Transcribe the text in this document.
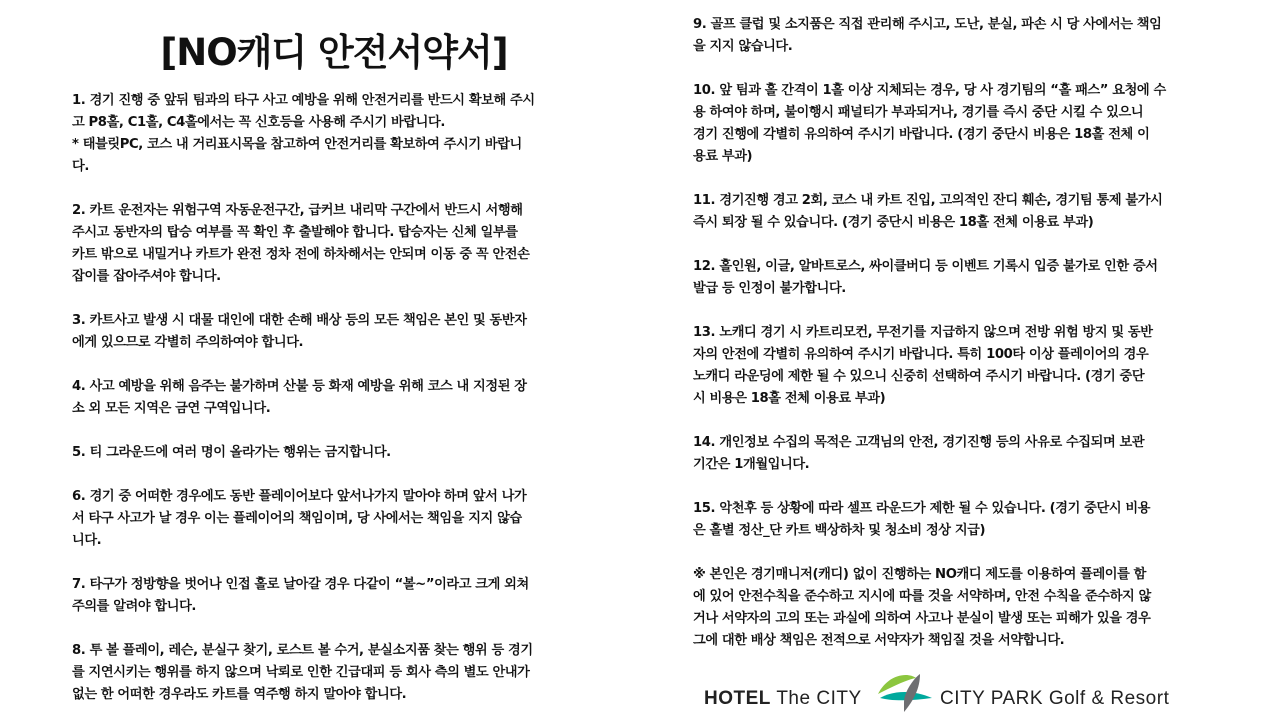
[NO캐디 안전서약서]

1. 경기 진행 중 앞뒤 팀과의 타구 사고 예방을 위해 안전거리를 반드시 확보해 주시
고 P8홀, C1홀, C4홀에서는 꼭 신호등을 사용해 주시기 바랍니다.
* 태블릿PC, 코스 내 거리표시목을 참고하여 안전거리를 확보하여 주시기 바랍니
다.

2. 카트 운전자는 위험구역 자동운전구간, 급커브 내리막 구간에서 반드시 서행해
주시고 동반자의 탑승 여부를 꼭 확인 후 출발해야 합니다. 탑승자는 신체 일부를
카트 밖으로 내밀거나 카트가 완전 정차 전에 하차해서는 안되며 이동 중 꼭 안전손
잡이를 잡아주셔야 합니다.

3. 카트사고 발생 시 대물 대인에 대한 손해 배상 등의 모든 책임은 본인 및 동반자
에게 있으므로 각별히 주의하여야 합니다.

4. 사고 예방을 위해 음주는 불가하며 산불 등 화재 예방을 위해 코스 내 지정된 장
소 외 모든 지역은 금연 구역입니다.

5. 티 그라운드에 여러 명이 올라가는 행위는 금지합니다.

6. 경기 중 어떠한 경우에도 동반 플레이어보다 앞서나가지 말아야 하며 앞서 나가
서 타구 사고가 날 경우 이는 플레이어의 책임이며, 당 사에서는 책임을 지지 않습
니다.

7. 타구가 정방향을 벗어나 인접 홀로 날아갈 경우 다같이 “볼~”이라고 크게 외쳐
주의를 알려야 합니다.

8. 투 볼 플레이, 레슨, 분실구 찾기, 로스트 볼 수거, 분실소지품 찾는 행위 등 경기
를 지연시키는 행위를 하지 않으며 낙뢰로 인한 긴급대피 등 회사 측의 별도 안내가
없는 한 어떠한 경우라도 카트를 역주행 하지 말아야 합니다.

9. 골프 클럽 및 소지품은 직접 관리해 주시고, 도난, 분실, 파손 시 당 사에서는 책임
을 지지 않습니다.

10. 앞 팀과 홀 간격이 1홀 이상 지체되는 경우, 당 사 경기팀의 “홀 패스” 요청에 수
용 하여야 하며, 불이행시 패널티가 부과되거나, 경기를 즉시 중단 시킬 수 있으니
경기 진행에 각별히 유의하여 주시기 바랍니다. (경기 중단시 비용은 18홀 전체 이
용료 부과)

11. 경기진행 경고 2회, 코스 내 카트 진입, 고의적인 잔디 훼손, 경기팀 통제 불가시
즉시 퇴장 될 수 있습니다. (경기 중단시 비용은 18홀 전체 이용료 부과)

12. 홀인원, 이글, 알바트로스, 싸이클버디 등 이벤트 기록시 입증 불가로 인한 증서
발급 등 인정이 불가합니다.

13. 노캐디 경기 시 카트리모컨, 무전기를 지급하지 않으며 전방 위험 방지 및 동반
자의 안전에 각별히 유의하여 주시기 바랍니다. 특히 100타 이상 플레이어의 경우
노캐디 라운딩에 제한 될 수 있으니 신중히 선택하여 주시기 바랍니다. (경기 중단
시 비용은 18홀 전체 이용료 부과)

14. 개인정보 수집의 목적은 고객님의 안전, 경기진행 등의 사유로 수집되며 보관
기간은 1개월입니다.

15. 악천후 등 상황에 따라 셀프 라운드가 제한 될 수 있습니다. (경기 중단시 비용
은 홀별 정산_단 카트 백상하차 및 청소비 정상 지급)

※ 본인은 경기매니저(캐디) 없이 진행하는 NO캐디 제도를 이용하여 플레이를 함
에 있어 안전수칙을 준수하고 지시에 따를 것을 서약하며, 안전 수칙을 준수하지 않
거나 서약자의 고의 또는 과실에 의하여 사고나 분실이 발생 또는 피해가 있을 경우
그에 대한 배상 책임은 전적으로 서약자가 책임질 것을 서약합니다.

HOTEL The CITY	CITY PARK Golf & Resort
